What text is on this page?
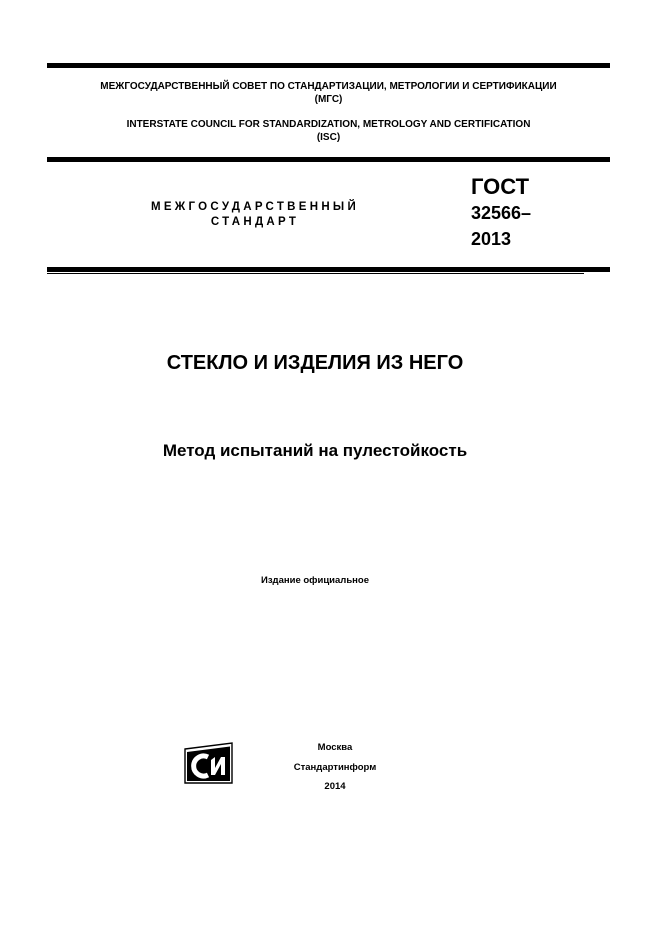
МЕЖГОСУДАРСТВЕННЫЙ СОВЕТ ПО СТАНДАРТИЗАЦИИ, МЕТРОЛОГИИ И СЕРТИФИКАЦИИ
(МГС)
INTERSTATE COUNCIL FOR STANDARDIZATION, METROLOGY AND CERTIFICATION
(ISC)
МЕЖГОСУДАРСТВЕННЫЙ
СТАНДАРТ
ГОСТ
32566–
2013
СТЕКЛО И ИЗДЕЛИЯ ИЗ НЕГО
Метод испытаний на пулестойкость
Издание официальное
Москва
Стандартинформ
2014
